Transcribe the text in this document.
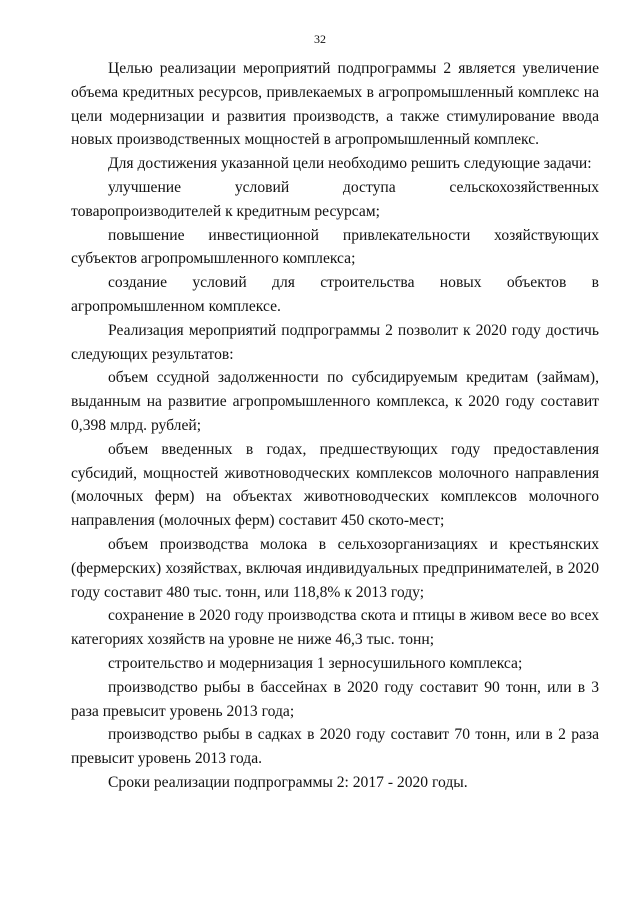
32

Целью реализации мероприятий подпрограммы 2 является увеличение объема кредитных ресурсов, привлекаемых в агропромышленный комплекс на цели модернизации и развития производств, а также стимулирование ввода новых производственных мощностей в агропромышленный комплекс.

Для достижения указанной цели необходимо решить следующие задачи:

улучшение условий доступа сельскохозяйственных товаропроизводителей к кредитным ресурсам;

повышение инвестиционной привлекательности хозяйствующих субъектов агропромышленного комплекса;

создание условий для строительства новых объектов в агропромышленном комплексе.

Реализация мероприятий подпрограммы 2 позволит к 2020 году достичь следующих результатов:

объем ссудной задолженности по субсидируемым кредитам (займам), выданным на развитие агропромышленного комплекса, к 2020 году составит 0,398 млрд. рублей;

объем введенных в годах, предшествующих году предоставления субсидий, мощностей животноводческих комплексов молочного направления (молочных ферм) на объектах животноводческих комплексов молочного направления (молочных ферм) составит 450 ското-мест;

объем производства молока в сельхозорганизациях и крестьянских (фермерских) хозяйствах, включая индивидуальных предпринимателей, в 2020 году составит 480 тыс. тонн, или 118,8% к 2013 году;

сохранение в 2020 году производства скота и птицы в живом весе во всех категориях хозяйств на уровне не ниже 46,3 тыс. тонн;

строительство и модернизация 1 зерносушильного комплекса;

производство рыбы в бассейнах в 2020 году составит 90 тонн, или в 3 раза превысит уровень 2013 года;

производство рыбы в садках в 2020 году составит 70 тонн, или в 2 раза превысит уровень 2013 года.

Сроки реализации подпрограммы 2: 2017 - 2020 годы.
